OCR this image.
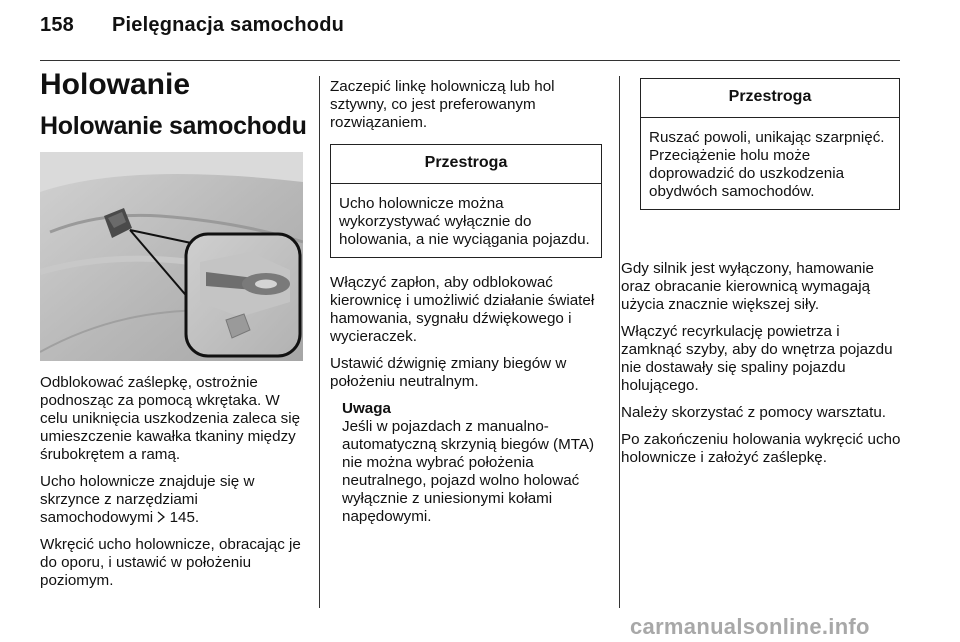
158 Pielęgnacja samochodu
Holowanie
Holowanie samochodu

Odblokować zaślepkę, ostrożnie podnosząc za pomocą wkrętaka. W celu uniknięcia uszkodzenia zaleca się umieszczenie kawałka tkaniny między śrubokrętem a ramą.

Ucho holownicze znajduje się w skrzynce z narzędziami samochodowymi 145.

Wkręcić ucho holownicze, obracając je do oporu, i ustawić w położeniu poziomym.

Zaczepić linkę holowniczą lub hol sztywny, co jest preferowanym rozwiązaniem.

Przestroga
Ucho holownicze można wykorzystywać wyłącznie do holowania, a nie wyciągania pojazdu.

Włączyć zapłon, aby odblokować kierownicę i umożliwić działanie świateł hamowania, sygnału dźwiękowego i wycieraczek.

Ustawić dźwignię zmiany biegów w położeniu neutralnym.

Uwaga

Jeśli w pojazdach z manualno-automatyczną skrzynią biegów (MTA) nie można wybrać położenia neutralnego, pojazd wolno holować wyłącznie z uniesionymi kołami napędowymi.

Przestroga
Ruszać powoli, unikając szarpnięć. Przeciążenie holu może doprowadzić do uszkodzenia obydwóch samochodów.

Gdy silnik jest wyłączony, hamowanie oraz obracanie kierownicą wymagają użycia znacznie większej siły.

Włączyć recyrkulację powietrza i zamknąć szyby, aby do wnętrza pojazdu nie dostawały się spaliny pojazdu holującego.

Należy skorzystać z pomocy warsztatu.

Po zakończeniu holowania wykręcić ucho holownicze i założyć zaślepkę.

carmanualsonline.info
